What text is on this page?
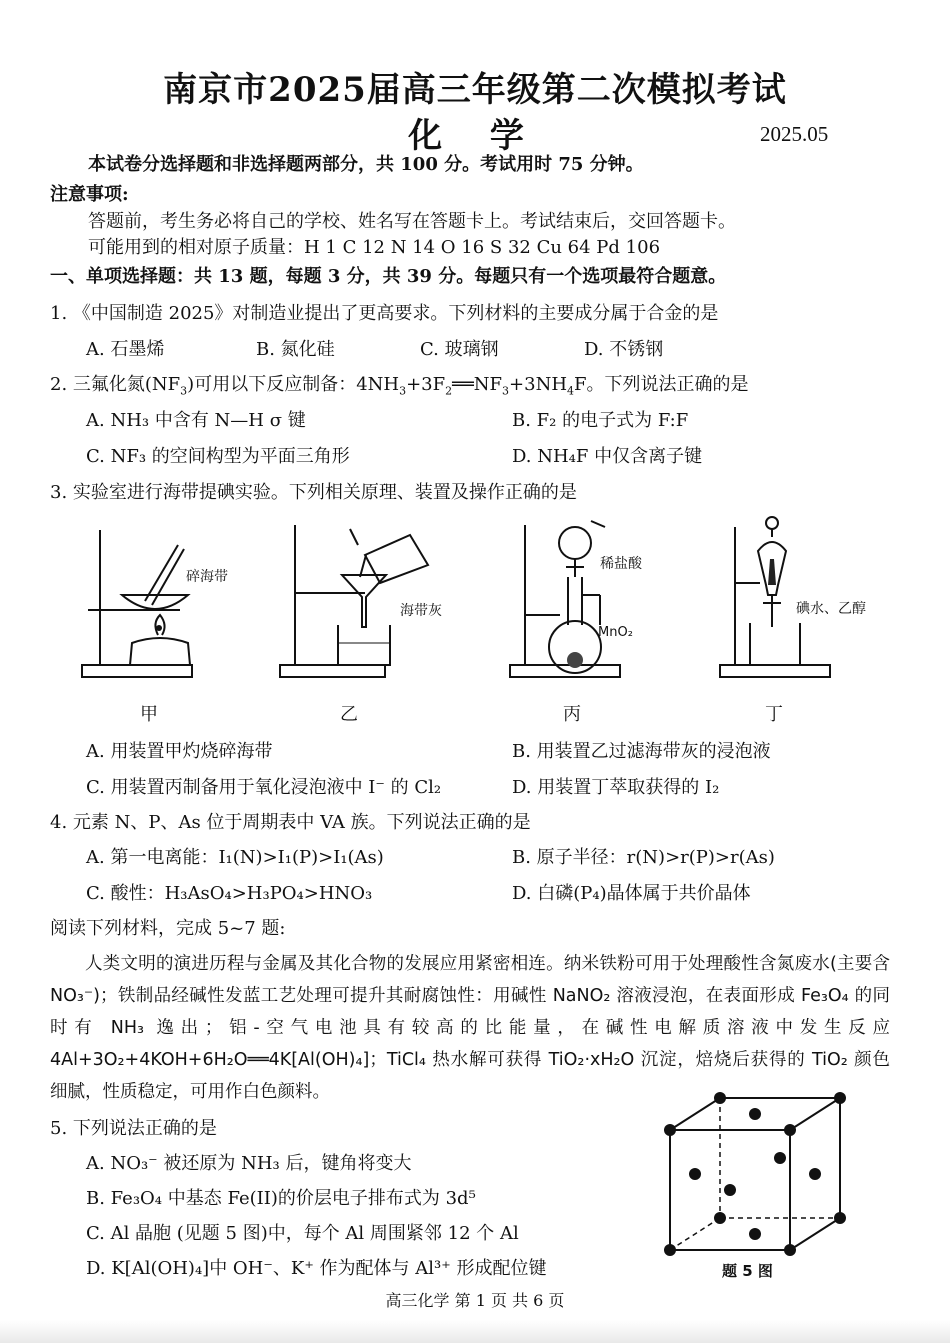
南京市2025届高三年级第二次模拟考试
化 学	2025.05
本试卷分选择题和非选择题两部分，共 100 分。考试用时 75 分钟。
注意事项:
答题前，考生务必将自己的学校、姓名写在答题卡上。考试结束后，交回答题卡。
可能用到的相对原子质量：H 1 C 12 N 14 O 16 S 32 Cu 64 Pd 106
一、单项选择题：共 13 题，每题 3 分，共 39 分。每题只有一个选项最符合题意。
1. 《中国制造 2025》对制造业提出了更高要求。下列材料的主要成分属于合金的是
A. 石墨烯	B. 氮化硅	C. 玻璃钢	D. 不锈钢
2. 三氟化氮$(NF_3)$可用以下反应制备：$4NH_3+3F_2══NF_3+3NH_4F$。下列说法正确的是
A. NH₃ 中含有 N—H σ 键	B. F₂ 的电子式为 F:F
C. NF₃ 的空间构型为平面三角形	D. NH₄F 中仅含离子键
3. 实验室进行海带提碘实验。下列相关原理、装置及操作正确的是
碎海带
海带灰
稀盐酸
MnO₂
碘水、乙醇
甲	乙	丙	丁
A. 用装置甲灼烧碎海带	B. 用装置乙过滤海带灰的浸泡液
C. 用装置丙制备用于氧化浸泡液中 I⁻ 的 Cl₂	D. 用装置丁萃取获得的 I₂
4. 元素 N、P、As 位于周期表中 VA 族。下列说法正确的是
A. 第一电离能：I₁(N)>I₁(P)>I₁(As)	B. 原子半径：r(N)>r(P)>r(As)
C. 酸性：H₃AsO₄>H₃PO₄>HNO₃	D. 白磷(P₄)晶体属于共价晶体
阅读下列材料，完成 5~7 题:

人类文明的演进历程与金属及其化合物的发展应用紧密相连。纳米铁粉可用于处理酸性含氮废水(主要含 NO₃⁻)；铁制品经碱性发蓝工艺处理可提升其耐腐蚀性：用碱性 NaNO₂ 溶液浸泡，在表面形成 Fe₃O₄ 的同时有 NH₃ 逸出；铝-空气电池具有较高的比能量，在碱性电解质溶液中发生反应 4Al+3O₂+4KOH+6H₂O══4K[Al(OH)₄]；TiCl₄ 热水解可获得 TiO₂·xH₂O 沉淀，焙烧后获得的 TiO₂ 颜色细腻，性质稳定，可用作白色颜料。

5. 下列说法正确的是
A. NO₃⁻ 被还原为 NH₃ 后，键角将变大
B. Fe₃O₄ 中基态 Fe(II)的价层电子排布式为 3d⁵
C. Al 晶胞 (见题 5 图)中，每个 Al 周围紧邻 12 个 Al
D. K[Al(OH)₄]中 OH⁻、K⁺ 作为配体与 Al³⁺ 形成配位键	题 5 图
高三化学 第 1 页 共 6 页
